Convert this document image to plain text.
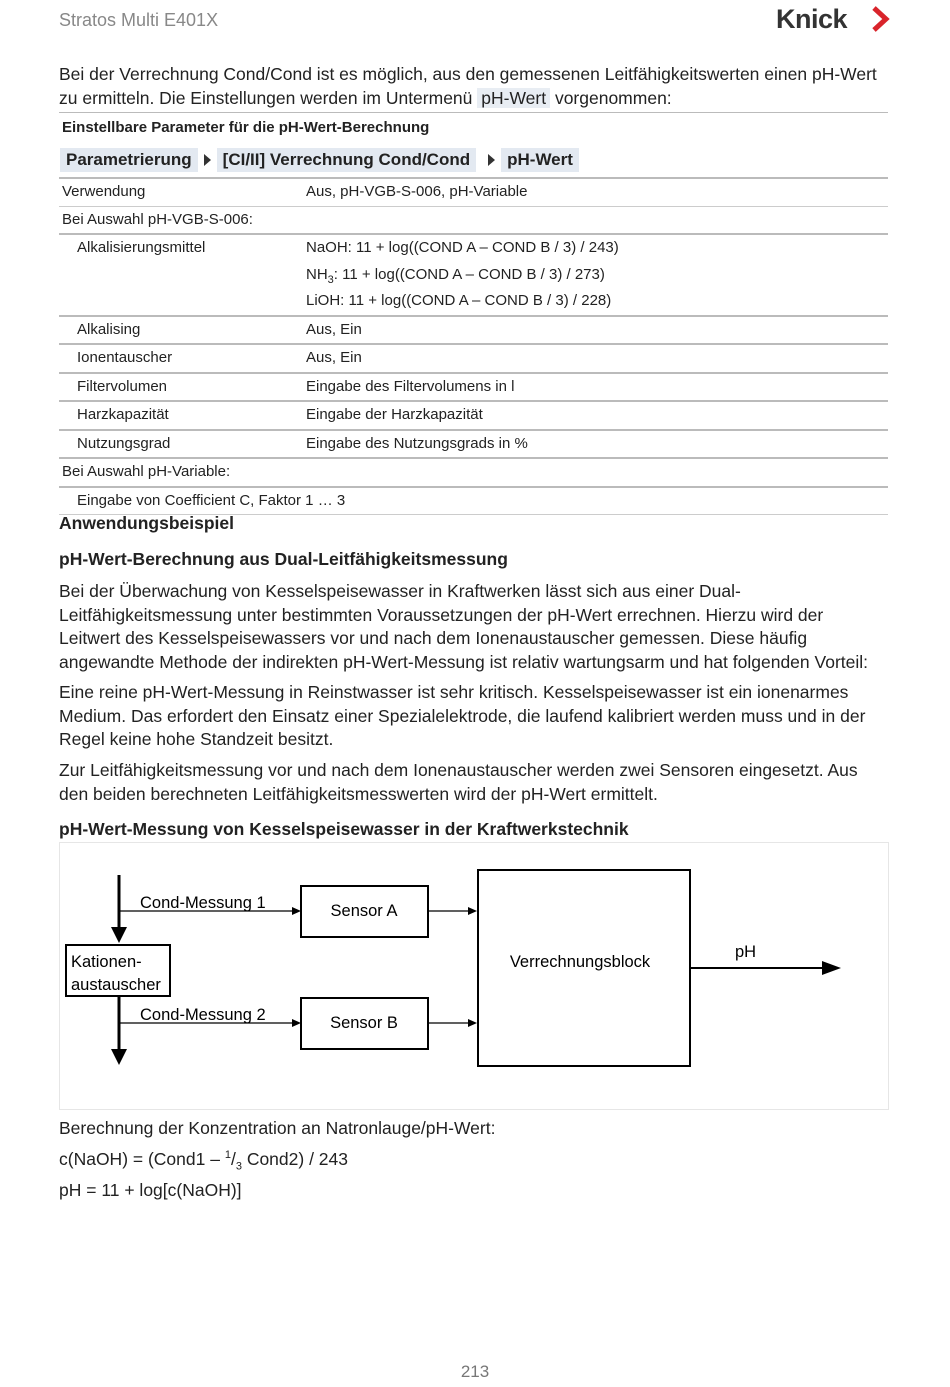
Stratos Multi E401X	Knick
Bei der Verrechnung Cond/Cond ist es möglich, aus den gemessenen Leitfähigkeitswerten einen pH-Wert zu ermitteln. Die Einstellungen werden im Untermenü pH-Wert vorgenommen:
Einstellbare Parameter für die pH-Wert-Berechnung
Parametrierung	[CI/II] Verrechnung Cond/Cond	pH-Wert
Verwendung	Aus, pH-VGB-S-006, pH-Variable
Bei Auswahl pH-VGB-S-006:
Alkalisierungsmittel	NaOH: 11 + log((COND A – COND B / 3) / 243)
$NH_3$: 11 + log((COND A – COND B / 3) / 273)
LiOH: 11 + log((COND A – COND B / 3) / 228)
Alkalising	Aus, Ein
Ionentauscher	Aus, Ein
Filtervolumen	Eingabe des Filtervolumens in l
Harzkapazität	Eingabe der Harzkapazität
Nutzungsgrad	Eingabe des Nutzungsgrads in %
Bei Auswahl pH-Variable:
Eingabe von Coefficient C, Faktor 1 … 3
Anwendungsbeispiel
pH-Wert-Berechnung aus Dual-Leitfähigkeitsmessung
Bei der Überwachung von Kesselspeisewasser in Kraftwerken lässt sich aus einer Dual-Leitfähigkeitsmessung unter bestimmten Voraussetzungen der pH-Wert errechnen. Hierzu wird der Leitwert des Kesselspeisewassers vor und nach dem Ionenaustauscher gemessen. Diese häufig angewandte Methode der indirekten pH-Wert-Messung ist relativ wartungsarm und hat folgenden Vorteil:
Eine reine pH-Wert-Messung in Reinstwasser ist sehr kritisch. Kesselspeisewasser ist ein ionenarmes Medium. Das erfordert den Einsatz einer Spezialelektrode, die laufend kalibriert werden muss und in der Regel keine hohe Standzeit besitzt.
Zur Leitfähigkeitsmessung vor und nach dem Ionenaustauscher werden zwei Sensoren eingesetzt. Aus den beiden berechneten Leitfähigkeitsmesswerten wird der pH-Wert ermittelt.
pH-Wert-Messung von Kesselspeisewasser in der Kraftwerkstechnik
Cond-Messung 1
Cond-Messung 2
Sensor A
Sensor B
Kationen-
austauscher
Verrechnungsblock
pH
Berechnung der Konzentration an Natronlauge/pH-Wert:
c(NaOH) = (Cond1 – $^1/_3$ Cond2) / 243
pH = 11 + log[c(NaOH)]
213
